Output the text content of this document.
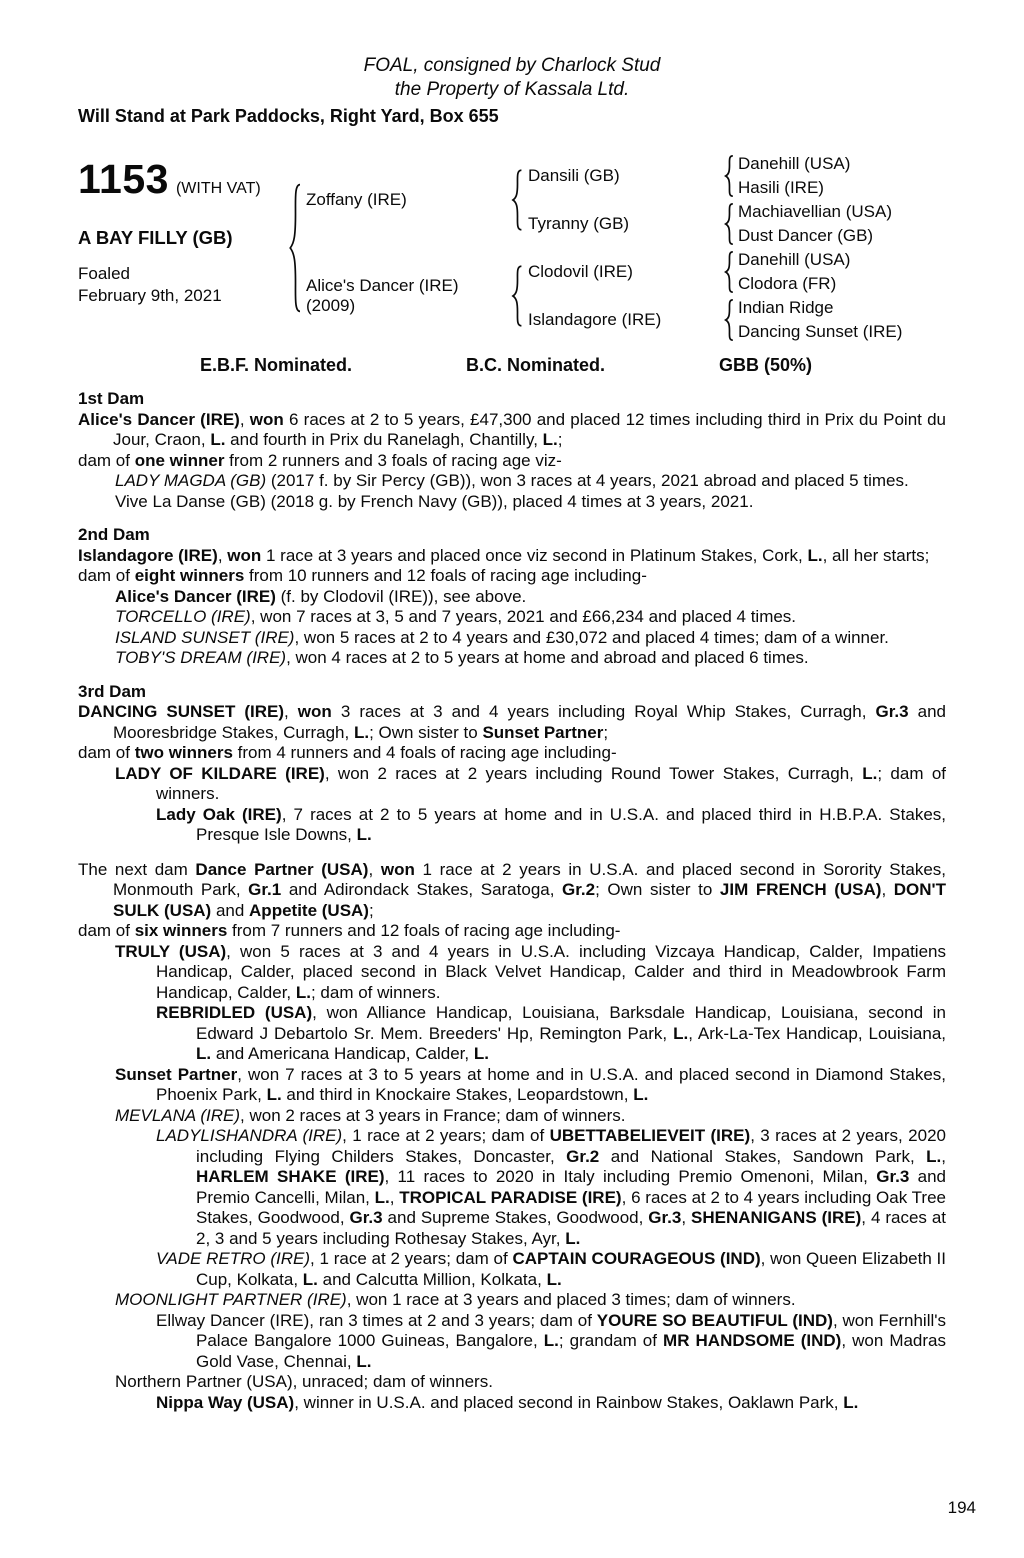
FOAL, consigned by Charlock Stud
the Property of Kassala Ltd.
Will Stand at Park Paddocks, Right Yard, Box 655
1153 (WITH VAT)
A BAY FILLY (GB)
Foaled
February 9th, 2021
Zoffany (IRE)
Alice's Dancer (IRE)
(2009)
Dansili (GB)
Tyranny (GB)
Clodovil (IRE)
Islandagore (IRE)
Danehill (USA)
Hasili (IRE)
Machiavellian (USA)
Dust Dancer (GB)
Danehill (USA)
Clodora (FR)
Indian Ridge
Dancing Sunset (IRE)
E.B.F. Nominated.	B.C. Nominated.	GBB (50%)
1st Dam
Alice's Dancer (IRE), won 6 races at 2 to 5 years, £47,300 and placed 12 times including third in Prix du Point du Jour, Craon, L. and fourth in Prix du Ranelagh, Chantilly, L.;
dam of one winner from 2 runners and 3 foals of racing age viz-
LADY MAGDA (GB) (2017 f. by Sir Percy (GB)), won 3 races at 4 years, 2021 abroad and placed 5 times.
Vive La Danse (GB) (2018 g. by French Navy (GB)), placed 4 times at 3 years, 2021.
2nd Dam
Islandagore (IRE), won 1 race at 3 years and placed once viz second in Platinum Stakes, Cork, L., all her starts;
dam of eight winners from 10 runners and 12 foals of racing age including-
Alice's Dancer (IRE) (f. by Clodovil (IRE)), see above.
TORCELLO (IRE), won 7 races at 3, 5 and 7 years, 2021 and £66,234 and placed 4 times.
ISLAND SUNSET (IRE), won 5 races at 2 to 4 years and £30,072 and placed 4 times; dam of a winner.
TOBY'S DREAM (IRE), won 4 races at 2 to 5 years at home and abroad and placed 6 times.
3rd Dam
DANCING SUNSET (IRE), won 3 races at 3 and 4 years including Royal Whip Stakes, Curragh, Gr.3 and Mooresbridge Stakes, Curragh, L.; Own sister to Sunset Partner;
dam of two winners from 4 runners and 4 foals of racing age including-
LADY OF KILDARE (IRE), won 2 races at 2 years including Round Tower Stakes, Curragh, L.; dam of winners.
Lady Oak (IRE), 7 races at 2 to 5 years at home and in U.S.A. and placed third in H.B.P.A. Stakes, Presque Isle Downs, L.
The next dam Dance Partner (USA), won 1 race at 2 years in U.S.A. and placed second in Sorority Stakes, Monmouth Park, Gr.1 and Adirondack Stakes, Saratoga, Gr.2; Own sister to JIM FRENCH (USA), DON'T SULK (USA) and Appetite (USA);
dam of six winners from 7 runners and 12 foals of racing age including-
TRULY (USA), won 5 races at 3 and 4 years in U.S.A. including Vizcaya Handicap, Calder, Impatiens Handicap, Calder, placed second in Black Velvet Handicap, Calder and third in Meadowbrook Farm Handicap, Calder, L.; dam of winners.
REBRIDLED (USA), won Alliance Handicap, Louisiana, Barksdale Handicap, Louisiana, second in Edward J Debartolo Sr. Mem. Breeders' Hp, Remington Park, L., Ark-La-Tex Handicap, Louisiana, L. and Americana Handicap, Calder, L.
Sunset Partner, won 7 races at 3 to 5 years at home and in U.S.A. and placed second in Diamond Stakes, Phoenix Park, L. and third in Knockaire Stakes, Leopardstown, L.
MEVLANA (IRE), won 2 races at 3 years in France; dam of winners.
LADYLISHANDRA (IRE), 1 race at 2 years; dam of UBETTABELIEVEIT (IRE), 3 races at 2 years, 2020 including Flying Childers Stakes, Doncaster, Gr.2 and National Stakes, Sandown Park, L., HARLEM SHAKE (IRE), 11 races to 2020 in Italy including Premio Omenoni, Milan, Gr.3 and Premio Cancelli, Milan, L., TROPICAL PARADISE (IRE), 6 races at 2 to 4 years including Oak Tree Stakes, Goodwood, Gr.3 and Supreme Stakes, Goodwood, Gr.3, SHENANIGANS (IRE), 4 races at 2, 3 and 5 years including Rothesay Stakes, Ayr, L.
VADE RETRO (IRE), 1 race at 2 years; dam of CAPTAIN COURAGEOUS (IND), won Queen Elizabeth II Cup, Kolkata, L. and Calcutta Million, Kolkata, L.
MOONLIGHT PARTNER (IRE), won 1 race at 3 years and placed 3 times; dam of winners.
Ellway Dancer (IRE), ran 3 times at 2 and 3 years; dam of YOURE SO BEAUTIFUL (IND), won Fernhill's Palace Bangalore 1000 Guineas, Bangalore, L.; grandam of MR HANDSOME (IND), won Madras Gold Vase, Chennai, L.
Northern Partner (USA), unraced; dam of winners.
Nippa Way (USA), winner in U.S.A. and placed second in Rainbow Stakes, Oaklawn Park, L.
194
